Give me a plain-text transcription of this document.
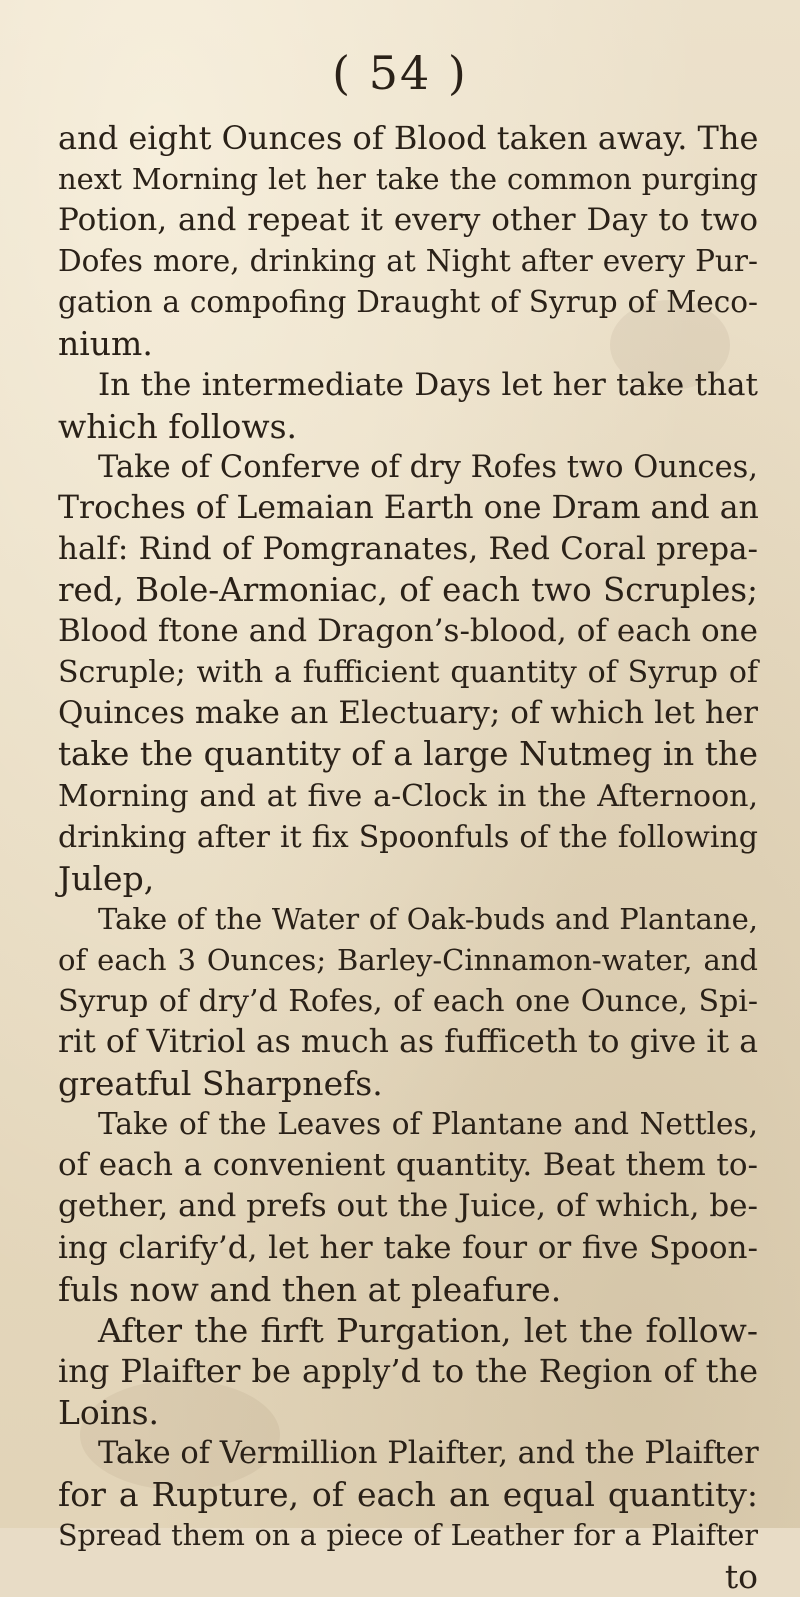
( 54 )
and eight Ounces of Blood taken away. The
next Morning let her take the common purging
Potion, and repeat it every other Day to two
Dofes more, drinking at Night after every Pur-
gation a compofing Draught of Syrup of Meco-
nium.
In the intermediate Days let her take that
which follows.
Take of Conferve of dry Rofes two Ounces,
Troches of Lemaian Earth one Dram and an
half: Rind of Pomgranates, Red Coral prepa-
red, Bole-Armoniac, of each two Scruples;
Blood ftone and Dragon’s-blood, of each one
Scruple; with a fufficient quantity of Syrup of
Quinces make an Electuary; of which let her
take the quantity of a large Nutmeg in the
Morning and at five a-Clock in the Afternoon,
drinking after it fix Spoonfuls of the following
Julep,
Take of the Water of Oak-buds and Plantane,
of each 3 Ounces; Barley-Cinnamon-water, and
Syrup of dry’d Rofes, of each one Ounce, Spi-
rit of Vitriol as much as fufficeth to give it a
greatful Sharpnefs.
Take of the Leaves of Plantane and Nettles,
of each a convenient quantity. Beat them to-
gether, and prefs out the Juice, of which, be-
ing clarify’d, let her take four or five Spoon-
fuls now and then at pleafure.
After the firft Purgation, let the follow-
ing Plaifter be apply’d to the Region of the
Loins.
Take of Vermillion Plaifter, and the Plaifter
for a Rupture, of each an equal quantity:
Spread them on a piece of Leather for a Plaifter
to
